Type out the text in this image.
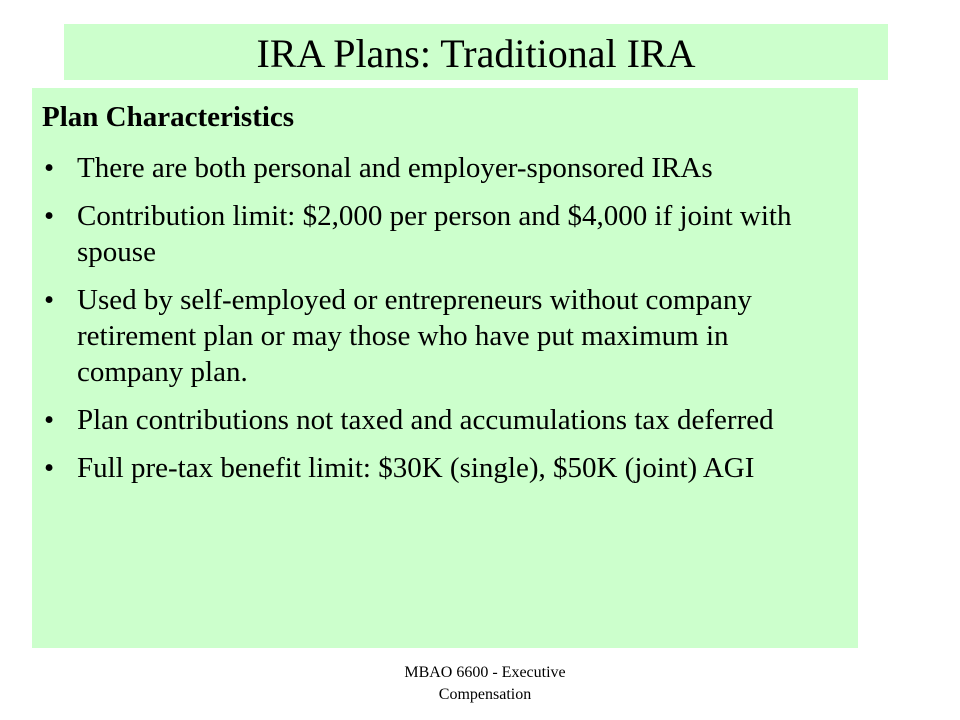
IRA Plans: Traditional IRA
Plan Characteristics
• There are both personal and employer-sponsored IRAs
• Contribution limit: $2,000 per person and $4,000 if joint with spouse
• Used by self-employed or entrepreneurs without company retirement plan or may those who have put maximum in company plan.
• Plan contributions not taxed and accumulations tax deferred
• Full pre-tax benefit limit: $30K (single), $50K (joint) AGI
MBAO 6600 - Executive
Compensation
